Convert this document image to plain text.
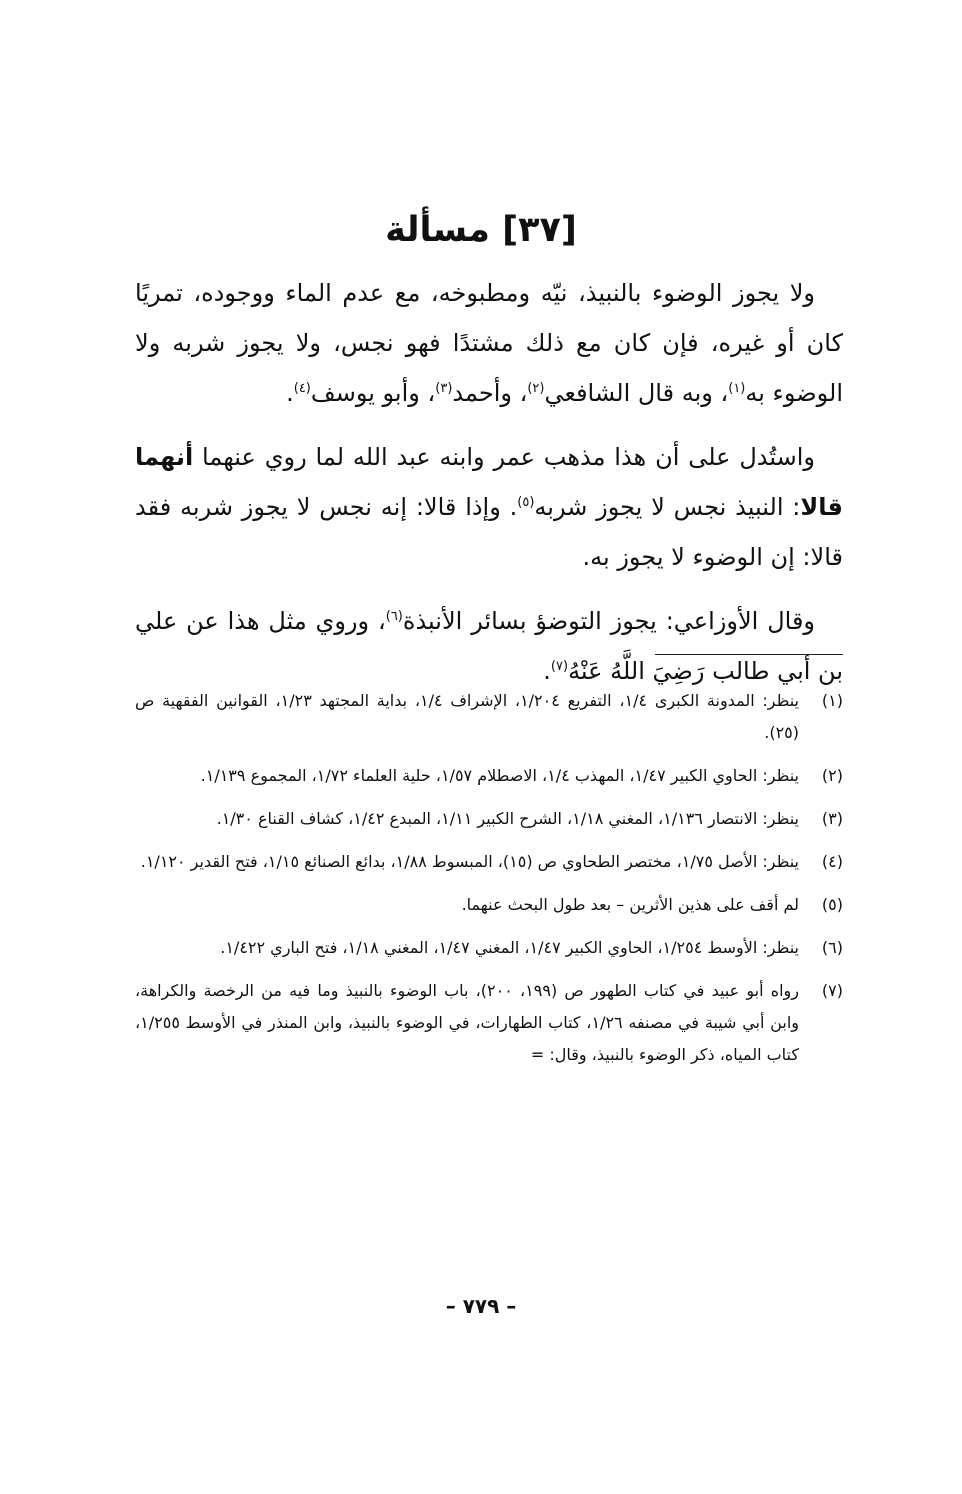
[٣٧] مسألة

ولا يجوز الوضوء بالنبيذ، نيّه ومطبوخه، مع عدم الماء ووجوده، تمريًا كان أو غيره، فإن كان مع ذلك مشتدًا فهو نجس، ولا يجوز شربه ولا الوضوء به$^{(١)}$، وبه قال الشافعي$^{(٢)}$، وأحمد$^{(٣)}$، وأبو يوسف$^{(٤)}$.

واستُدل على أن هذا مذهب عمر وابنه عبد الله لما روي عنهما أنهما قالا: النبيذ نجس لا يجوز شربه$^{(٥)}$. وإذا قالا: إنه نجس لا يجوز شربه فقد قالا: إن الوضوء لا يجوز به.

وقال الأوزاعي: يجوز التوضؤ بسائر الأنبذة$^{(٦)}$، وروي مثل هذا عن علي بن أبي طالب رَضِيَ اللَّهُ عَنْهُ$^{(٧)}$.

(١)
ينظر: المدونة الكبرى ١/٤، التفريع ١/٢٠٤، الإشراف ١/٤، بداية المجتهد ١/٢٣، القوانين الفقهية ص (٢٥).
(٢)
ينظر: الحاوي الكبير ١/٤٧، المهذب ١/٤، الاصطلام ١/٥٧، حلية العلماء ١/٧٢، المجموع ١/١٣٩.
(٣)
ينظر: الانتصار ١/١٣٦، المغني ١/١٨، الشرح الكبير ١/١١، المبدع ١/٤٢، كشاف القناع ١/٣٠.
(٤)
ينظر: الأصل ١/٧٥، مختصر الطحاوي ص (١٥)، المبسوط ١/٨٨، بدائع الصنائع ١/١٥، فتح القدير ١/١٢٠.
(٥)
لم أقف على هذين الأثرين – بعد طول البحث عنهما.
(٦)
ينظر: الأوسط ١/٢٥٤، الحاوي الكبير ١/٤٧، المغني ١/٤٧، المغني ١/١٨، فتح الباري ١/٤٢٢.
(٧)
رواه أبو عبيد في كتاب الطهور ص (١٩٩، ٢٠٠)، باب الوضوء بالنبيذ وما فيه من الرخصة والكراهة، وابن أبي شيبة في مصنفه ١/٢٦، كتاب الطهارات، في الوضوء بالنبيذ، وابن المنذر في الأوسط ١/٢٥٥، كتاب المياه، ذكر الوضوء بالنبيذ، وقال: =
– ٧٧٩ –
